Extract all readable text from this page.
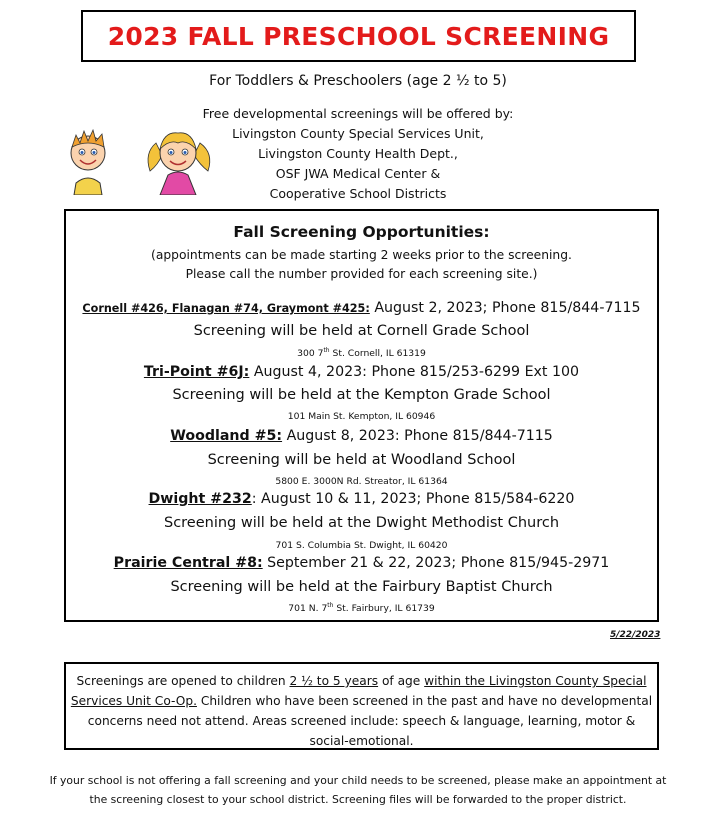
2023 FALL PRESCHOOL SCREENING
For Toddlers & Preschoolers (age 2 ½ to 5)
Free developmental screenings will be offered by:
Livingston County Special Services Unit,
Livingston County Health Dept.,
OSF JWA Medical Center &
Cooperative School Districts
Fall Screening Opportunities:
(appointments can be made starting 2 weeks prior to the screening.
Please call the number provided for each screening site.)
Cornell #426, Flanagan #74, Graymont #425: August 2, 2023; Phone 815/844-7115
Screening will be held at Cornell Grade School
300 7th St. Cornell, IL 61319
Tri-Point #6J: August 4, 2023: Phone 815/253-6299 Ext 100
Screening will be held at the Kempton Grade School
101 Main St. Kempton, IL 60946
Woodland #5: August 8, 2023: Phone 815/844-7115
Screening will be held at Woodland School
5800 E. 3000N Rd. Streator, IL 61364
Dwight #232: August 10 & 11, 2023; Phone 815/584-6220
Screening will be held at the Dwight Methodist Church
701 S. Columbia St. Dwight, IL 60420
Prairie Central #8: September 21 & 22, 2023; Phone 815/945-2971
Screening will be held at the Fairbury Baptist Church
701 N. 7th St. Fairbury, IL 61739
5/22/2023
Screenings are opened to children 2 ½ to 5 years of age within the Livingston County Special Services Unit Co-Op. Children who have been screened in the past and have no developmental concerns need not attend. Areas screened include: speech & language, learning, motor & social-emotional.
If your school is not offering a fall screening and your child needs to be screened, please make an appointment at
the screening closest to your school district. Screening files will be forwarded to the proper district.
